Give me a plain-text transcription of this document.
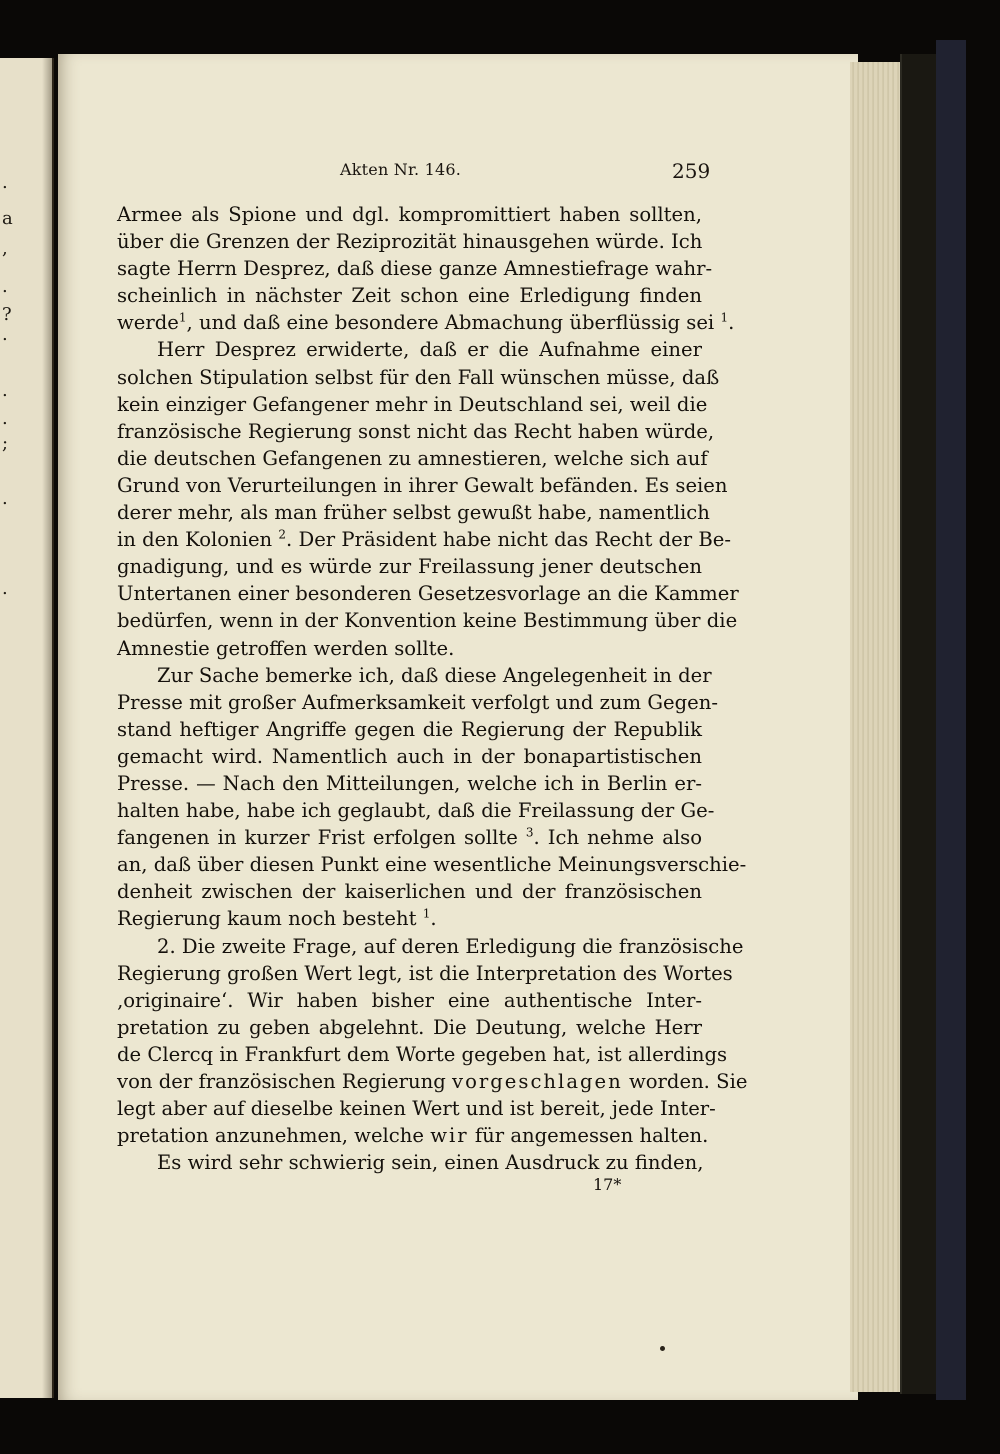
.
a
,
.
?
.
.
.
;
.
.
Akten Nr. 146.	259
Armee als Spione und dgl. kompromittiert haben sollten,
über die Grenzen der Reziprozität hinausgehen würde. Ich
sagte Herrn Desprez, daß diese ganze Amnestiefrage wahr-
scheinlich in nächster Zeit schon eine Erledigung finden
werde$^1$, und daß eine besondere Abmachung überflüssig sei $^1$.
Herr Desprez erwiderte, daß er die Aufnahme einer
solchen Stipulation selbst für den Fall wünschen müsse, daß
kein einziger Gefangener mehr in Deutschland sei, weil die
französische Regierung sonst nicht das Recht haben würde,
die deutschen Gefangenen zu amnestieren, welche sich auf
Grund von Verurteilungen in ihrer Gewalt befänden. Es seien
derer mehr, als man früher selbst gewußt habe, namentlich
in den Kolonien $^2$. Der Präsident habe nicht das Recht der Be-
gnadigung, und es würde zur Freilassung jener deutschen
Untertanen einer besonderen Gesetzesvorlage an die Kammer
bedürfen, wenn in der Konvention keine Bestimmung über die
Amnestie getroffen werden sollte.
Zur Sache bemerke ich, daß diese Angelegenheit in der
Presse mit großer Aufmerksamkeit verfolgt und zum Gegen-
stand heftiger Angriffe gegen die Regierung der Republik
gemacht wird. Namentlich auch in der bonapartistischen
Presse. — Nach den Mitteilungen, welche ich in Berlin er-
halten habe, habe ich geglaubt, daß die Freilassung der Ge-
fangenen in kurzer Frist erfolgen sollte $^3$. Ich nehme also
an, daß über diesen Punkt eine wesentliche Meinungsverschie-
denheit zwischen der kaiserlichen und der französischen
Regierung kaum noch besteht $^1$.
2. Die zweite Frage, auf deren Erledigung die französische
Regierung großen Wert legt, ist die Interpretation des Wortes
‚originaire‘. Wir haben bisher eine authentische Inter-
pretation zu geben abgelehnt. Die Deutung, welche Herr
de Clercq in Frankfurt dem Worte gegeben hat, ist allerdings
von der französischen Regierung vorgeschlagen worden. Sie
legt aber auf dieselbe keinen Wert und ist bereit, jede Inter-
pretation anzunehmen, welche wir für angemessen halten.
Es wird sehr schwierig sein, einen Ausdruck zu finden,
17*
